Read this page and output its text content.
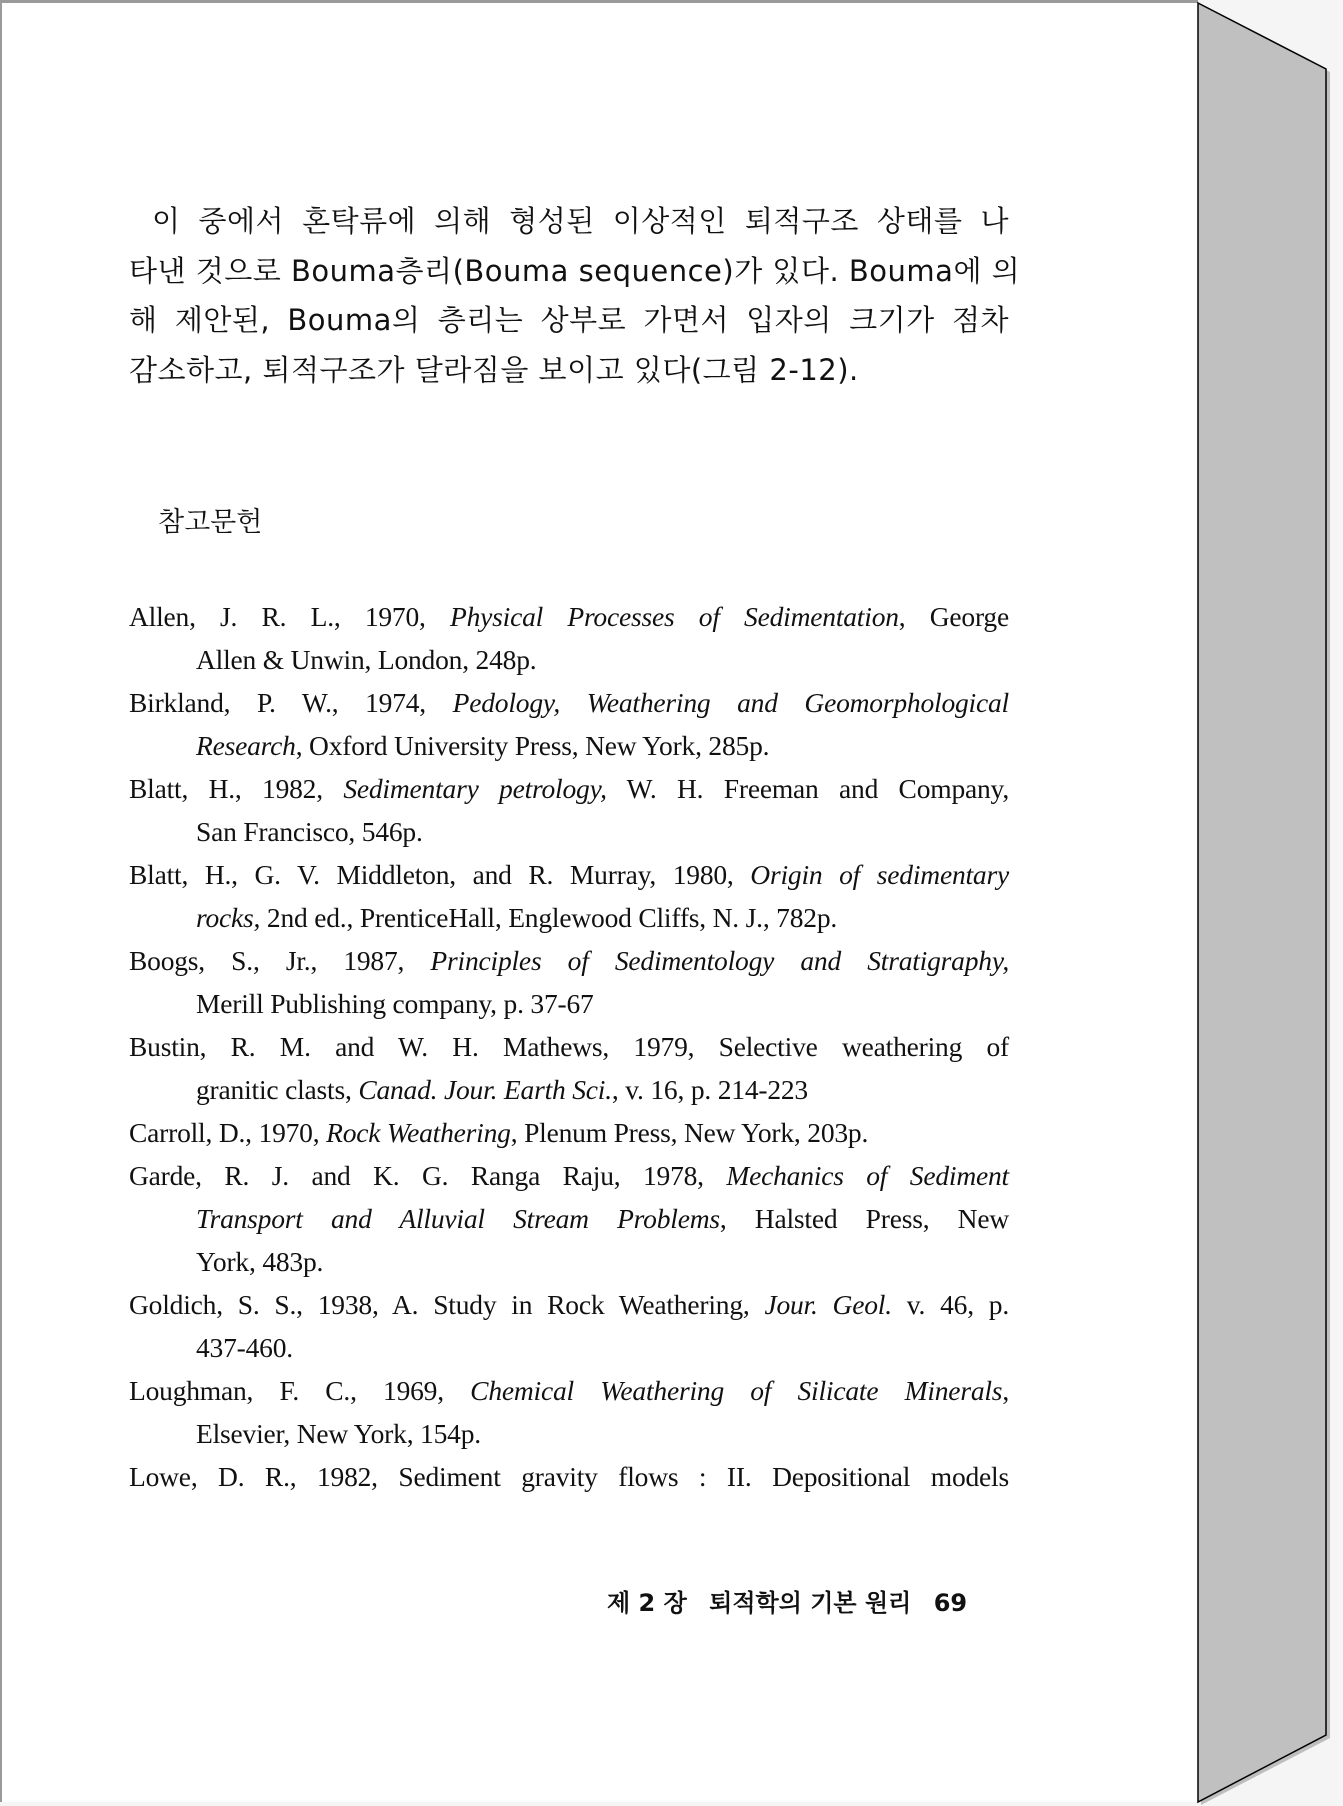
이 중에서 혼탁류에 의해 형성된 이상적인 퇴적구조 상태를 나
타낸 것으로 Bouma층리(Bouma sequence)가 있다. Bouma에 의
해 제안된, Bouma의 층리는 상부로 가면서 입자의 크기가 점차
감소하고, 퇴적구조가 달라짐을 보이고 있다(그림 2-12).
참고문헌
Allen, J. R. L., 1970, Physical Processes of Sedimentation, George
Allen & Unwin, London, 248p.
Birkland, P. W., 1974, Pedology, Weathering and Geomorphological
Research, Oxford University Press, New York, 285p.
Blatt, H., 1982, Sedimentary petrology, W. H. Freeman and Company,
San Francisco, 546p.
Blatt, H., G. V. Middleton, and R. Murray, 1980, Origin of sedimentary
rocks, 2nd ed., PrenticeHall, Englewood Cliffs, N. J., 782p.
Boogs, S., Jr., 1987, Principles of Sedimentology and Stratigraphy,
Merill Publishing company, p. 37-67
Bustin, R. M. and W. H. Mathews, 1979, Selective weathering of
granitic clasts, Canad. Jour. Earth Sci., v. 16, p. 214-223
Carroll, D., 1970, Rock Weathering, Plenum Press, New York, 203p.
Garde, R. J. and K. G. Ranga Raju, 1978, Mechanics of Sediment
Transport and Alluvial Stream Problems, Halsted Press, New
York, 483p.
Goldich, S. S., 1938, A. Study in Rock Weathering, Jour. Geol. v. 46, p.
437-460.
Loughman, F. C., 1969, Chemical Weathering of Silicate Minerals,
Elsevier, New York, 154p.
Lowe, D. R., 1982, Sediment gravity flows : II. Depositional models
제 2 장 퇴적학의 기본 원리 69
